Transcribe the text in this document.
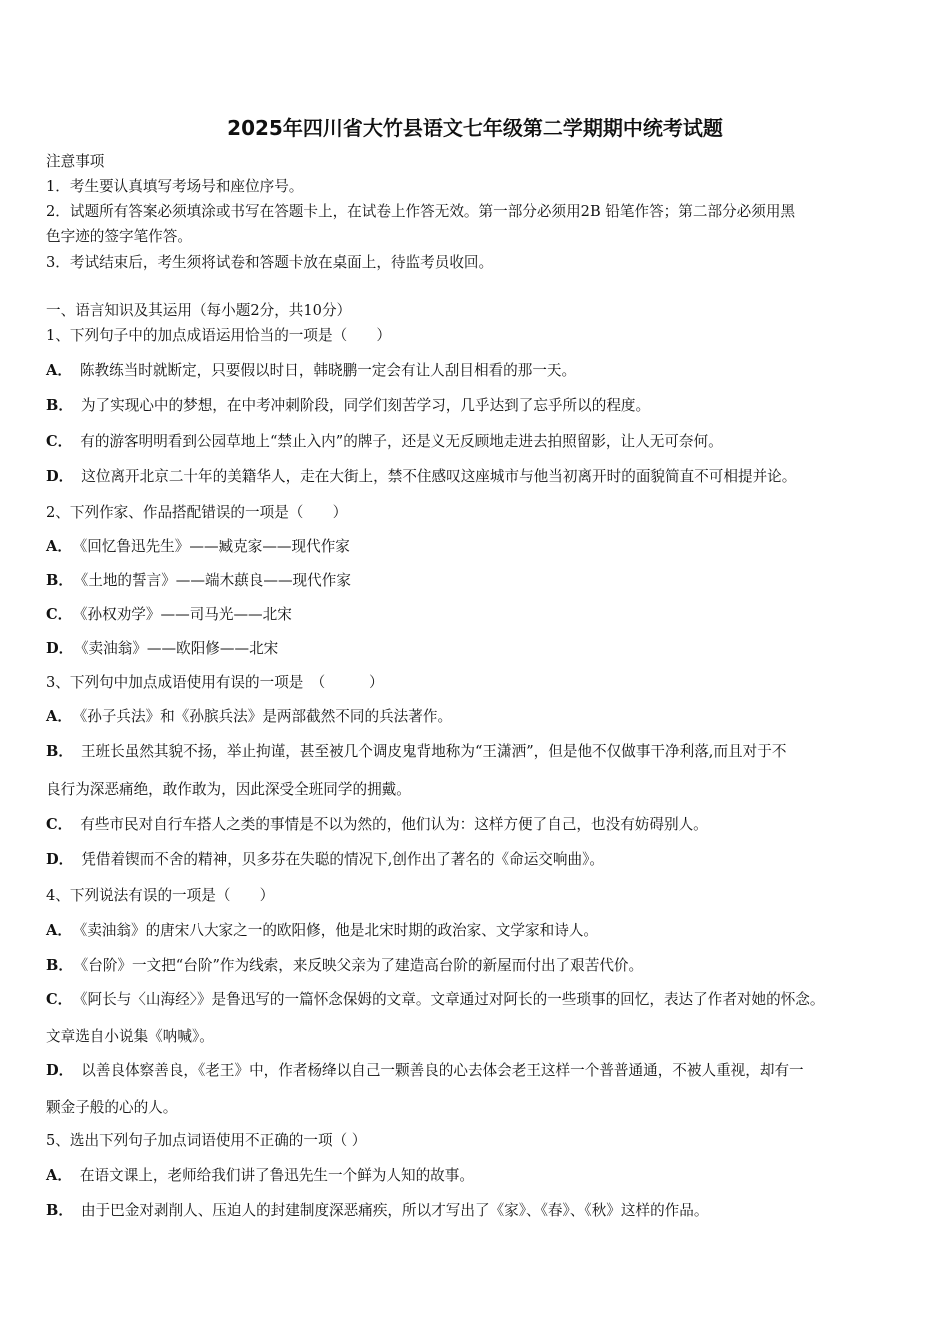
2025年四川省大竹县语文七年级第二学期期中统考试题
注意事项
1．考生要认真填写考场号和座位序号。
2．试题所有答案必须填涂或书写在答题卡上，在试卷上作答无效。第一部分必须用2B 铅笔作答；第二部分必须用黑
色字迹的签字笔作答。
3．考试结束后，考生须将试卷和答题卡放在桌面上，待监考员收回。
一、语言知识及其运用（每小题2分，共10分）
1、下列句子中的加点成语运用恰当的一项是（　　）
A． 陈教练当时就断定，只要假以时日，韩晓鹏一定会有让人刮目相看的那一天。
B． 为了实现心中的梦想，在中考冲刺阶段，同学们刻苦学习，几乎达到了忘乎所以的程度。
C． 有的游客明明看到公园草地上“禁止入内”的牌子，还是义无反顾地走进去拍照留影，让人无可奈何。
D． 这位离开北京二十年的美籍华人，走在大街上，禁不住感叹这座城市与他当初离开时的面貌简直不可相提并论。
2、下列作家、作品搭配错误的一项是（　　）
A． 《回忆鲁迅先生》——臧克家——现代作家
B． 《土地的誓言》——端木蕻良——现代作家
C． 《孙权劝学》——司马光——北宋
D． 《卖油翁》——欧阳修——北宋
3、下列句中加点成语使用有误的一项是　（　　　）
A． 《孙子兵法》和《孙膑兵法》是两部截然不同的兵法著作。
B． 王班长虽然其貌不扬，举止拘谨，甚至被几个调皮鬼背地称为“王潇洒”，但是他不仅做事干净利落,而且对于不
良行为深恶痛绝，敢作敢为，因此深受全班同学的拥戴。
C． 有些市民对自行车搭人之类的事情是不以为然的，他们认为：这样方便了自己，也没有妨碍别人。
D． 凭借着锲而不舍的精神，贝多芬在失聪的情况下,创作出了著名的《命运交响曲》。
4、下列说法有误的一项是（　　）
A． 《卖油翁》的唐宋八大家之一的欧阳修，他是北宋时期的政治家、文学家和诗人。
B． 《台阶》一文把“台阶”作为线索，来反映父亲为了建造高台阶的新屋而付出了艰苦代价。
C． 《阿长与〈山海经〉》是鲁迅写的一篇怀念保姆的文章。文章通过对阿长的一些琐事的回忆，表达了作者对她的怀念。
文章选自小说集《呐喊》。
D． 以善良体察善良，《老王》中，作者杨绛以自己一颗善良的心去体会老王这样一个普普通通，不被人重视，却有一
颗金子般的心的人。
5、选出下列句子加点词语使用不正确的一项（ ）
A． 在语文课上，老师给我们讲了鲁迅先生一个鲜为人知的故事。
B． 由于巴金对剥削人、压迫人的封建制度深恶痛疾，所以才写出了《家》、《春》、《秋》这样的作品。
